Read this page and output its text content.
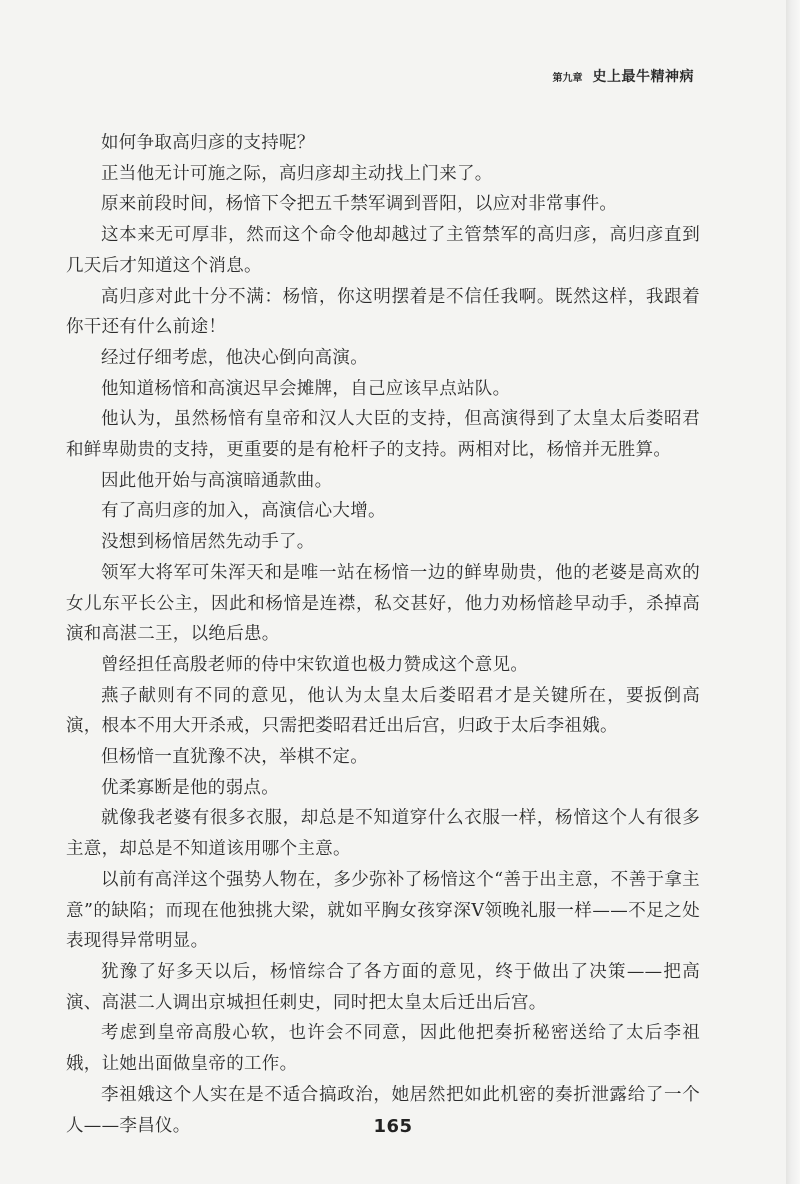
第九章 史上最牛精神病

如何争取高归彦的支持呢？

正当他无计可施之际，高归彦却主动找上门来了。

原来前段时间，杨愔下令把五千禁军调到晋阳，以应对非常事件。

这本来无可厚非，然而这个命令他却越过了主管禁军的高归彦，高归彦直到几天后才知道这个消息。

高归彦对此十分不满：杨愔，你这明摆着是不信任我啊。既然这样，我跟着你干还有什么前途！

经过仔细考虑，他决心倒向高演。

他知道杨愔和高演迟早会摊牌，自己应该早点站队。

他认为，虽然杨愔有皇帝和汉人大臣的支持，但高演得到了太皇太后娄昭君和鲜卑勋贵的支持，更重要的是有枪杆子的支持。两相对比，杨愔并无胜算。

因此他开始与高演暗通款曲。

有了高归彦的加入，高演信心大增。

没想到杨愔居然先动手了。

领军大将军可朱浑天和是唯一站在杨愔一边的鲜卑勋贵，他的老婆是高欢的女儿东平长公主，因此和杨愔是连襟，私交甚好，他力劝杨愔趁早动手，杀掉高演和高湛二王，以绝后患。

曾经担任高殷老师的侍中宋钦道也极力赞成这个意见。

燕子献则有不同的意见，他认为太皇太后娄昭君才是关键所在，要扳倒高演，根本不用大开杀戒，只需把娄昭君迁出后宫，归政于太后李祖娥。

但杨愔一直犹豫不决，举棋不定。

优柔寡断是他的弱点。

就像我老婆有很多衣服，却总是不知道穿什么衣服一样，杨愔这个人有很多主意，却总是不知道该用哪个主意。

以前有高洋这个强势人物在，多少弥补了杨愔这个“善于出主意，不善于拿主意”的缺陷；而现在他独挑大梁，就如平胸女孩穿深V领晚礼服一样——不足之处表现得异常明显。

犹豫了好多天以后，杨愔综合了各方面的意见，终于做出了决策——把高演、高湛二人调出京城担任刺史，同时把太皇太后迁出后宫。

考虑到皇帝高殷心软，也许会不同意，因此他把奏折秘密送给了太后李祖娥，让她出面做皇帝的工作。

李祖娥这个人实在是不适合搞政治，她居然把如此机密的奏折泄露给了一个人——李昌仪。	165
